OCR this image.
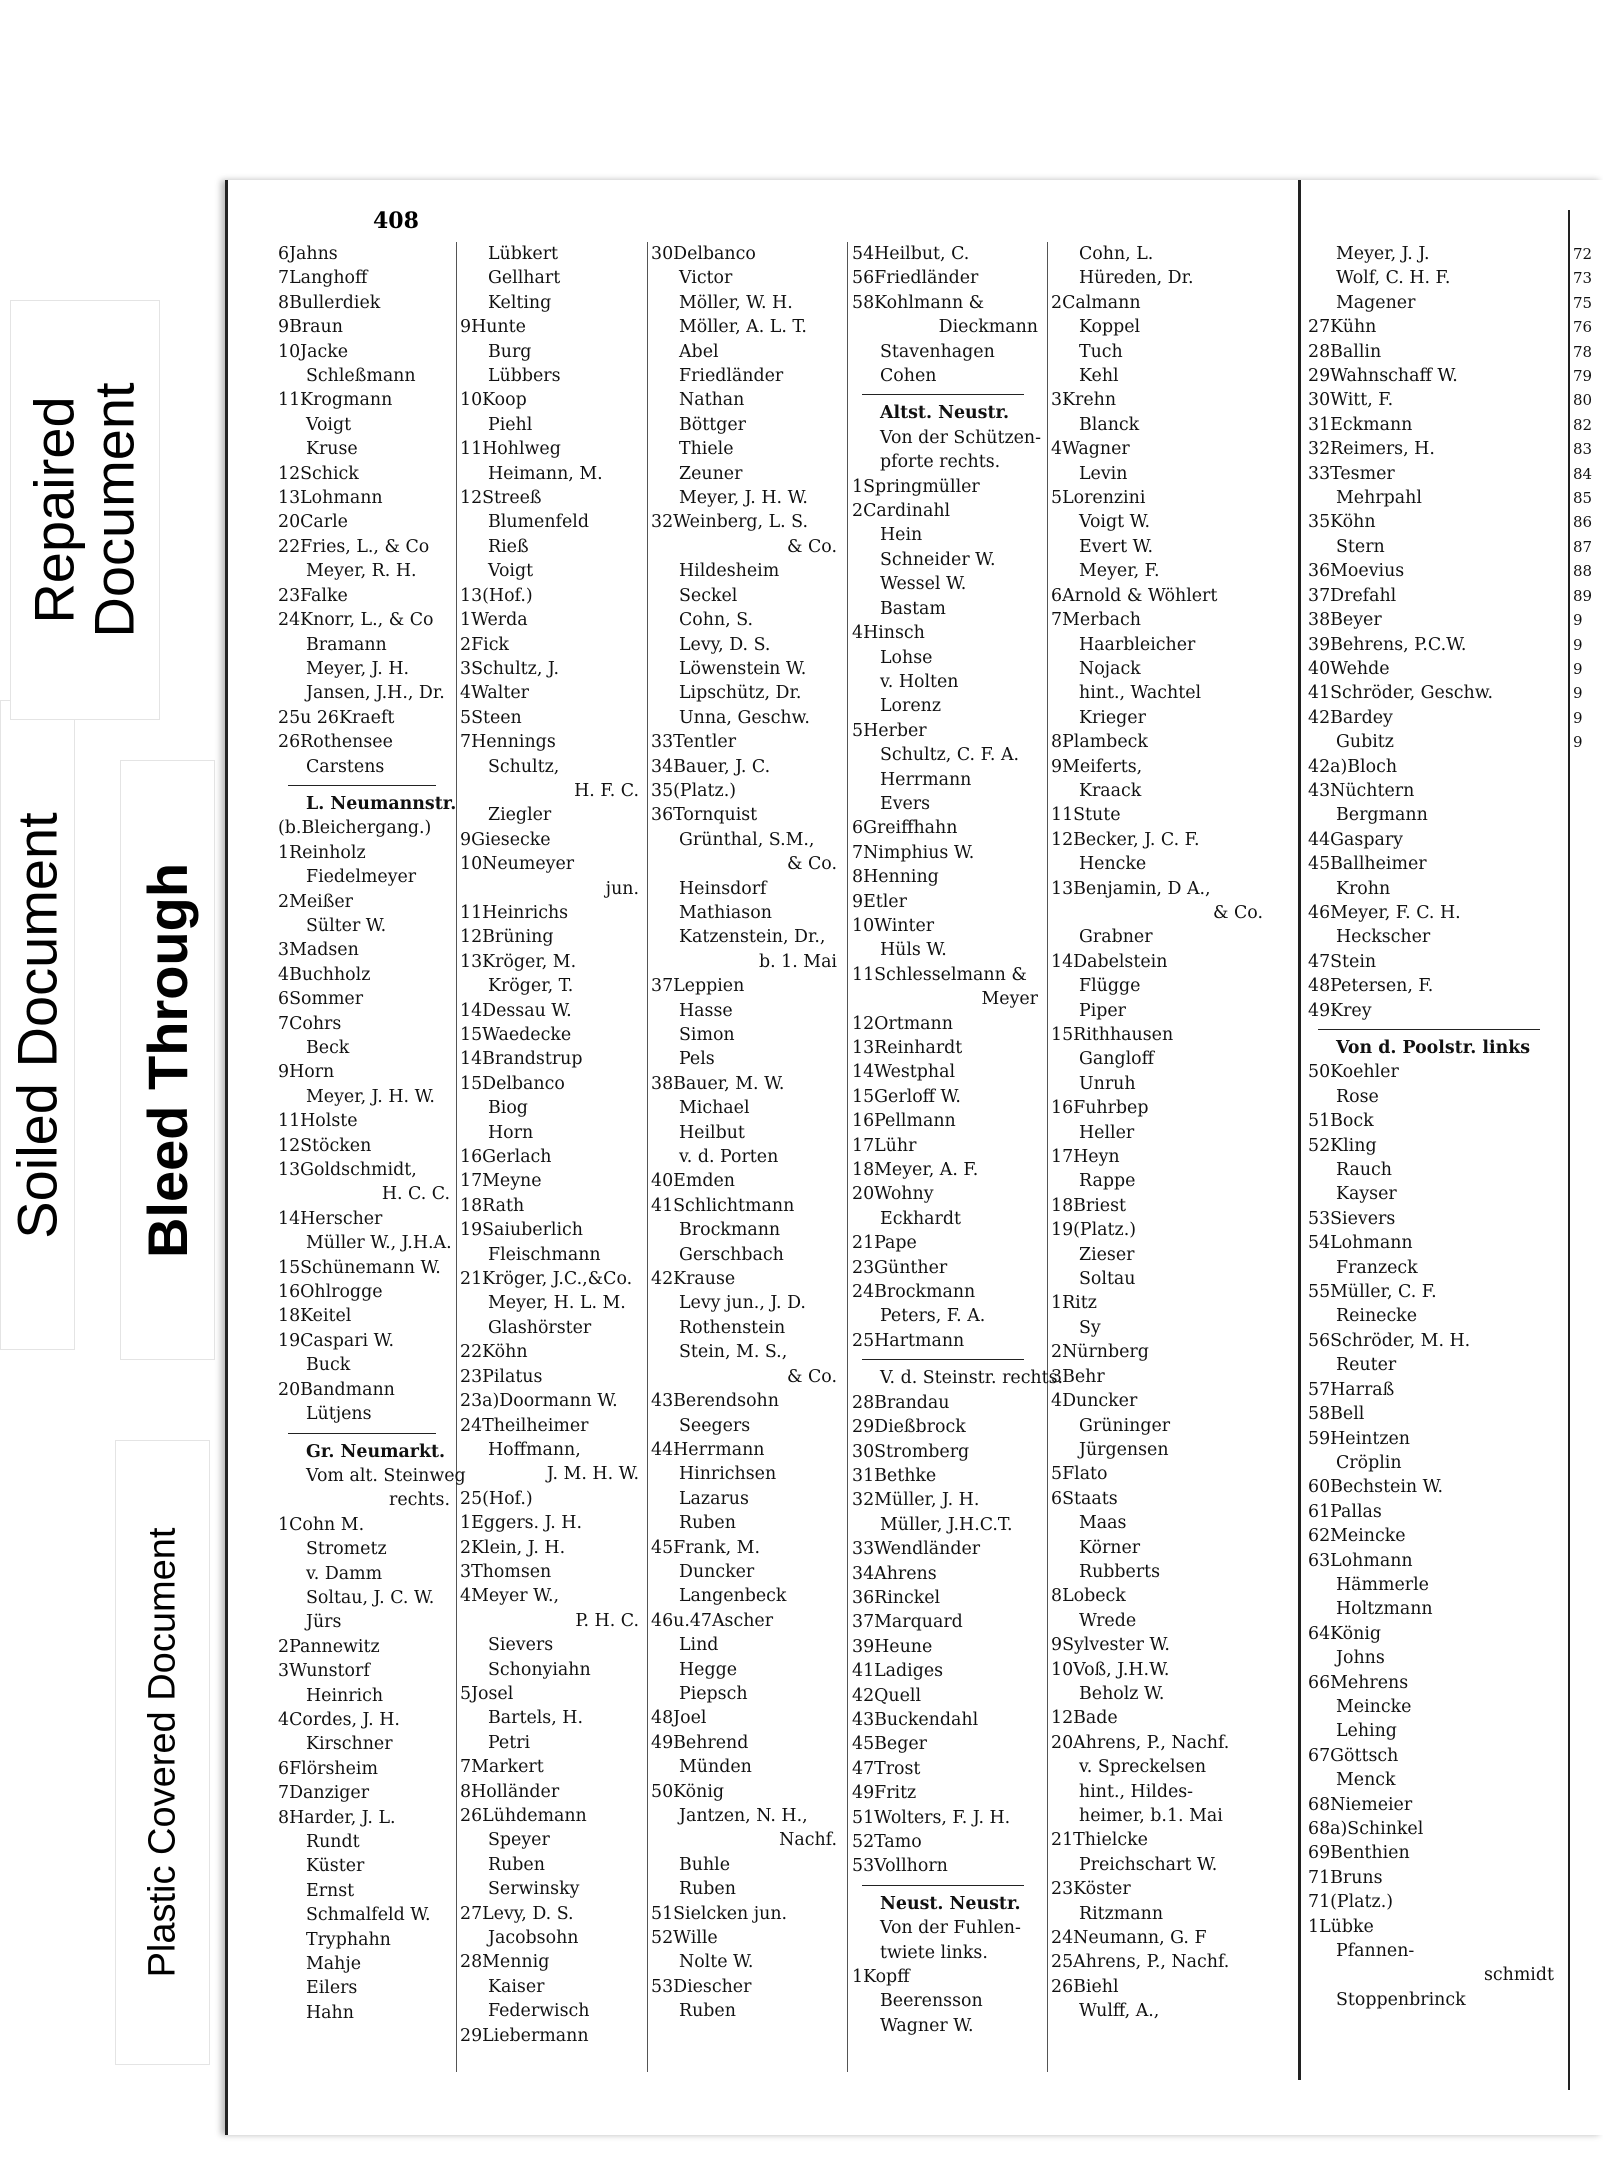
Plastic Covered Document
Soiled Document Bleed Through
Repaired
Document
408
6Jahns
7Langhoff
8Bullerdiek
9Braun
10Jacke
Schleßmann
11Krogmann
Voigt
Kruse
12Schick
13Lohmann
20Carle
22Fries, L., & Co
Meyer, R. H.
23Falke
24Knorr, L., & Co
Bramann
Meyer, J. H.
Jansen, J.H., Dr.
25u 26Kraeft
26Rothensee
Carstens
L. Neumannstr.
(b.Bleichergang.)
1Reinholz
Fiedelmeyer
2Meißer
Sülter W.
3Madsen
4Buchholz
6Sommer
7Cohrs
Beck
9Horn
Meyer, J. H. W.
11Holste
12Stöcken
13Goldschmidt,
H. C. C.
14Herscher
Müller W., J.H.A.
15Schünemann W.
16Ohlrogge
18Keitel
19Caspari W.
Buck
20Bandmann
Lütjens
Gr. Neumarkt.
Vom alt. Steinweg
rechts.
1Cohn M.
Strometz
v. Damm
Soltau, J. C. W.
Jürs
2Pannewitz
3Wunstorf
Heinrich
4Cordes, J. H.
Kirschner
6Flörsheim
7Danziger
8Harder, J. L.
Rundt
Küster
Ernst
Schmalfeld W.
Tryphahn
Mahje
Eilers
Hahn
Lübkert
Gellhart
Kelting
9Hunte
Burg
Lübbers
10Koop
Piehl
11Hohlweg
Heimann, M.
12Streeß
Blumenfeld
Rieß
Voigt
13(Hof.)
1Werda
2Fick
3Schultz, J.
4Walter
5Steen
7Hennings
Schultz,
H. F. C.
Ziegler
9Giesecke
10Neumeyer
jun.
11Heinrichs
12Brüning
13Kröger, M.
Kröger, T.
14Dessau W.
15Waedecke
14Brandstrup
15Delbanco
Biog
Horn
16Gerlach
17Meyne
18Rath
19Saiuberlich
Fleischmann
21Kröger, J.C.,&Co.
Meyer, H. L. M.
Glashörster
22Köhn
23Pilatus
23a)Doormann W.
24Theilheimer
Hoffmann,
J. M. H. W.
25(Hof.)
1Eggers. J. H.
2Klein, J. H.
3Thomsen
4Meyer W.,
P. H. C.
Sievers
Schonyiahn
5Josel
Bartels, H.
Petri
7Markert
8Holländer
26Lühdemann
Speyer
Ruben
Serwinsky
27Levy, D. S.
Jacobsohn
28Mennig
Kaiser
Federwisch
29Liebermann
30Delbanco
Victor
Möller, W. H.
Möller, A. L. T.
Abel
Friedländer
Nathan
Böttger
Thiele
Zeuner
Meyer, J. H. W.
32Weinberg, L. S.
& Co.
Hildesheim
Seckel
Cohn, S.
Levy, D. S.
Löwenstein W.
Lipschütz, Dr.
Unna, Geschw.
33Tentler
34Bauer, J. C.
35(Platz.)
36Tornquist
Grünthal, S.M.,
& Co.
Heinsdorf
Mathiason
Katzenstein, Dr.,
b. 1. Mai
37Leppien
Hasse
Simon
Pels
38Bauer, M. W.
Michael
Heilbut
v. d. Porten
40Emden
41Schlichtmann
Brockmann
Gerschbach
42Krause
Levy jun., J. D.
Rothenstein
Stein, M. S.,
& Co.
43Berendsohn
Seegers
44Herrmann
Hinrichsen
Lazarus
Ruben
45Frank, M.
Duncker
Langenbeck
46u.47Ascher
Lind
Hegge
Piepsch
48Joel
49Behrend
Münden
50König
Jantzen, N. H.,
Nachf.
Buhle
Ruben
51Sielcken jun.
52Wille
Nolte W.
53Diescher
Ruben
54Heilbut, C.
56Friedländer
58Kohlmann &
Dieckmann
Stavenhagen
Cohen
Altst. Neustr.
Von der Schützen-
pforte rechts.
1Springmüller
2Cardinahl
Hein
Schneider W.
Wessel W.
Bastam
4Hinsch
Lohse
v. Holten
Lorenz
5Herber
Schultz, C. F. A.
Herrmann
Evers
6Greiffhahn
7Nimphius W.
8Henning
9Etler
10Winter
Hüls W.
11Schlesselmann &
Meyer
12Ortmann
13Reinhardt
14Westphal
15Gerloff W.
16Pellmann
17Lühr
18Meyer, A. F.
20Wohny
Eckhardt
21Pape
23Günther
24Brockmann
Peters, F. A.
25Hartmann
V. d. Steinstr. rechts.
28Brandau
29Dießbrock
30Stromberg
31Bethke
32Müller, J. H.
Müller, J.H.C.T.
33Wendländer
34Ahrens
36Rinckel
37Marquard
39Heune
41Ladiges
42Quell
43Buckendahl
45Beger
47Trost
49Fritz
51Wolters, F. J. H.
52Tamo
53Vollhorn
Neust. Neustr.
Von der Fuhlen-
twiete links.
1Kopff
Beerensson
Wagner W.
Cohn, L.
Hüreden, Dr.
2Calmann
Koppel
Tuch
Kehl
3Krehn
Blanck
4Wagner
Levin
5Lorenzini
Voigt W.
Evert W.
Meyer, F.
6Arnold & Wöhlert
7Merbach
Haarbleicher
Nojack
hint., Wachtel
Krieger
8Plambeck
9Meiferts,
Kraack
11Stute
12Becker, J. C. F.
Hencke
13Benjamin, D A.,
& Co.
Grabner
14Dabelstein
Flügge
Piper
15Rithhausen
Gangloff
Unruh
16Fuhrbep
Heller
17Heyn
Rappe
18Briest
19(Platz.)
Zieser
Soltau
1Ritz
Sy
2Nürnberg
3Behr
4Duncker
Grüninger
Jürgensen
5Flato
6Staats
Maas
Körner
Rubberts
8Lobeck
Wrede
9Sylvester W.
10Voß, J.H.W.
Beholz W.
12Bade
20Ahrens, P., Nachf.
v. Spreckelsen
hint., Hildes-
heimer, b.1. Mai
21Thielcke
Preichschart W.
23Köster
Ritzmann
24Neumann, G. F
25Ahrens, P., Nachf.
26Biehl
Wulff, A.,
Meyer, J. J.
Wolf, C. H. F.
Magener
27Kühn
28Ballin
29Wahnschaff W.
30Witt, F.
31Eckmann
32Reimers, H.
33Tesmer
Mehrpahl
35Köhn
Stern
36Moevius
37Drefahl
38Beyer
39Behrens, P.C.W.
40Wehde
41Schröder, Geschw.
42Bardey
Gubitz
42a)Bloch
43Nüchtern
Bergmann
44Gaspary
45Ballheimer
Krohn
46Meyer, F. C. H.
Heckscher
47Stein
48Petersen, F.
49Krey
Von d. Poolstr. links
50Koehler
Rose
51Bock
52Kling
Rauch
Kayser
53Sievers
54Lohmann
Franzeck
55Müller, C. F.
Reinecke
56Schröder, M. H.
Reuter
57Harraß
58Bell
59Heintzen
Cröplin
60Bechstein W.
61Pallas
62Meincke
63Lohmann
Hämmerle
Holtzmann
64König
Johns
66Mehrens
Meincke
Lehing
67Göttsch
Menck
68Niemeier
68a)Schinkel
69Benthien
71Bruns
71(Platz.)
1Lübke
Pfannen-
schmidt
Stoppenbrinck
72
73
75
76
78
79
80
82
83
84
85
86
87
88
89
9
9
9
9
9
9
